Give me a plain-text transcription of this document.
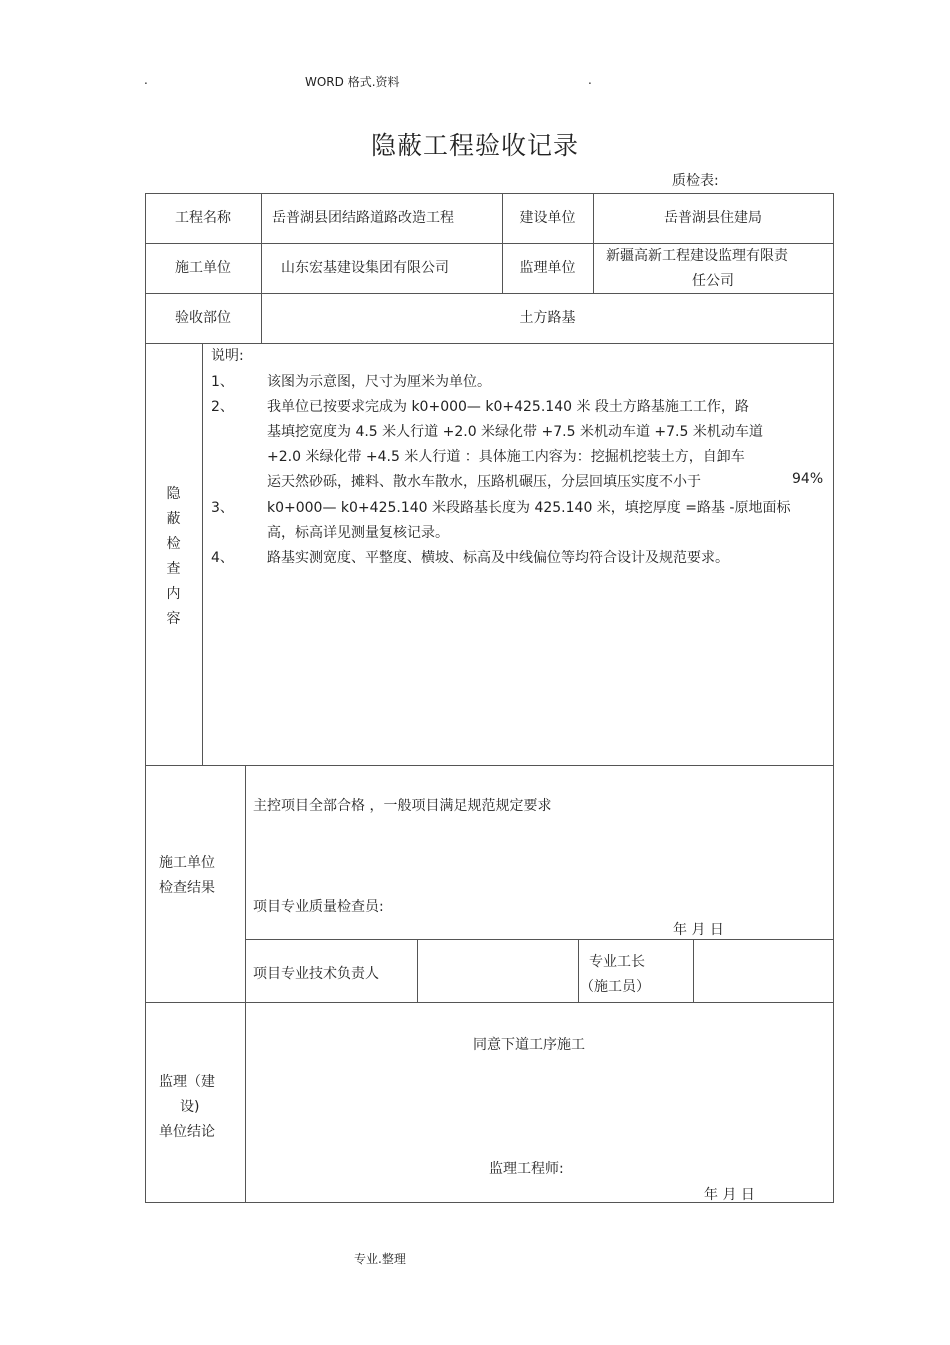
.	WORD 格式.资料	.
隐蔽工程验收记录
质检表:
工程名称	岳普湖县团结路道路改造工程	建设单位	岳普湖县住建局
施工单位	山东宏基建设集团有限公司	监理单位
新疆高新工程建设监理有限责
任公司
验收部位	土方路基
隐
蔽
检
查
内
容
说明:
1、 该图为示意图，尺寸为厘米为单位。
2、 我单位已按要求完成为 k0+000— k0+425.140 米 段土方路基施工工作，路
基填挖宽度为 4.5 米人行道 +2.0 米绿化带 +7.5 米机动车道 +7.5 米机动车道
+2.0 米绿化带 +4.5 米人行道 ：具体施工内容为：挖掘机挖装土方，自卸车
运天然砂砾，摊料、散水车散水，压路机碾压，分层回填压实度不小于	94%
3、 k0+000— k0+425.140 米段路基长度为 425.140 米，填挖厚度 =路基 -原地面标
高，标高详见测量复核记录。
4、 路基实测宽度、平整度、横坡、标高及中线偏位等均符合设计及规范要求。
施工单位
检查结果
主控项目全部合格 ，一般项目满足规范规定要求
项目专业质量检查员:
年 月 日
项目专业技术负责人
专业工长
（施工员）
监理（建
设)
单位结论
同意下道工序施工
监理工程师:
年 月 日
专业.整理
